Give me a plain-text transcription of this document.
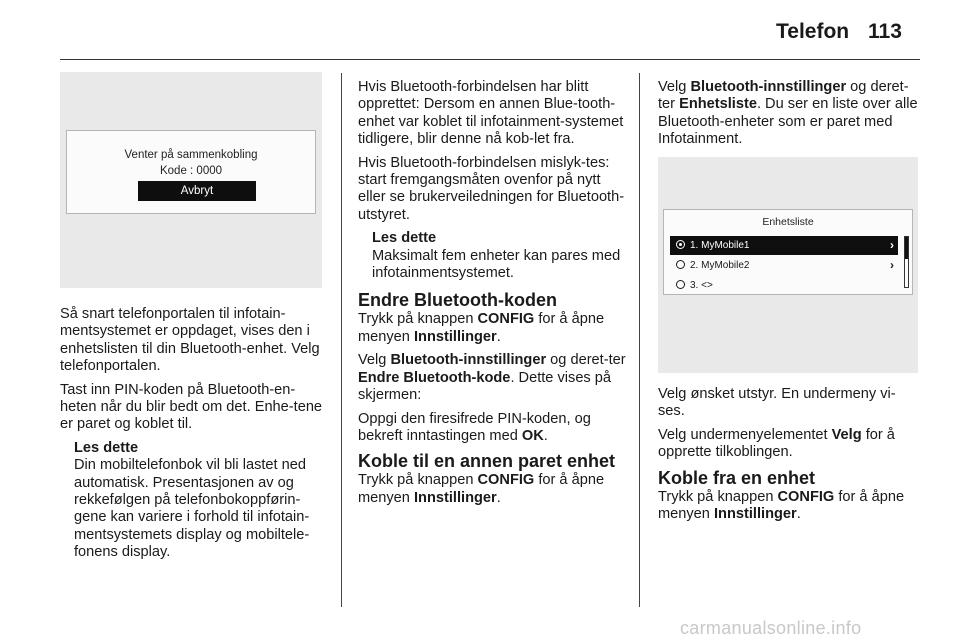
Telefon 113
Venter på sammenkobling
Kode : 0000
Avbryt

Så snart telefonportalen til infotain-mentsystemet er oppdaget, vises den i enhetslisten til din Bluetooth-enhet. Velg telefonportalen.

Tast inn PIN-koden på Bluetooth-en-heten når du blir bedt om det. Enhe-tene er paret og koblet til.

Les dette
Din mobiltelefonbok vil bli lastet ned automatisk. Presentasjonen av og rekkefølgen på telefonbokoppførin-gene kan variere i forhold til infotain-mentsystemets display og mobiltele-fonens display.

Hvis Bluetooth-forbindelsen har blitt opprettet: Dersom en annen Blue-tooth-enhet var koblet til infotainment-systemet tidligere, blir denne nå kob-let fra.

Hvis Bluetooth-forbindelsen mislyk-tes: start fremgangsmåten ovenfor på nytt eller se brukerveiledningen for Bluetooth-utstyret.

Les dette
Maksimalt fem enheter kan pares med infotainmentsystemet.
Endre Bluetooth-koden

Trykk på knappen CONFIG for å åpne menyen Innstillinger.

Velg Bluetooth-innstillinger og deret-ter Endre Bluetooth-kode. Dette vises på skjermen:

Oppgi den firesifrede PIN-koden, og bekreft inntastingen med OK.

Koble til en annen paret enhet

Trykk på knappen CONFIG for å åpne menyen Innstillinger.

Velg Bluetooth-innstillinger og deret-ter Enhetsliste. Du ser en liste over alle Bluetooth-enheter som er paret med Infotainment.

Enhetsliste
1. MyMobile1	›
2. MyMobile2	›
3. <>

Velg ønsket utstyr. En undermeny vi-ses.

Velg undermenyelementet Velg for å opprette tilkoblingen.

Koble fra en enhet

Trykk på knappen CONFIG for å åpne menyen Innstillinger.

carmanualsonline.info
